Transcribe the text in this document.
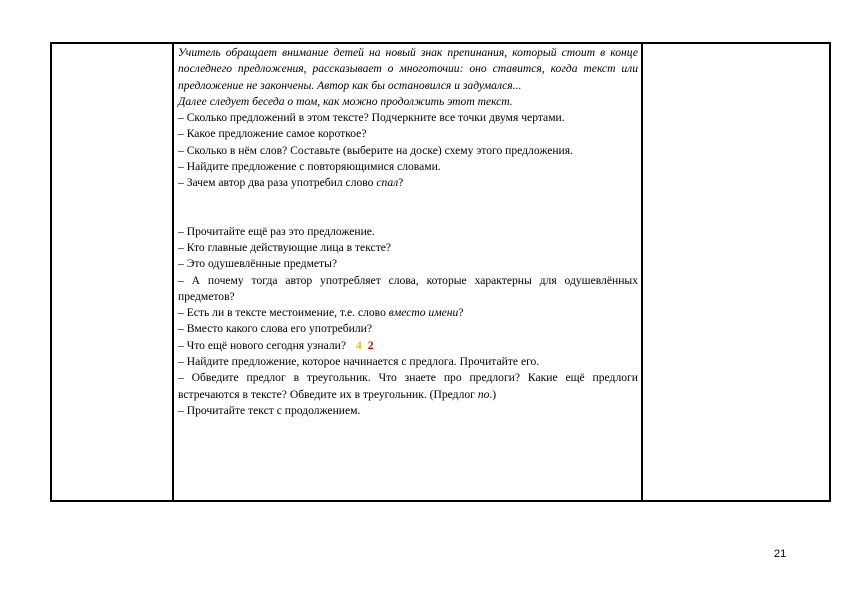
Учитель обращает внимание детей на новый знак препинания, который стоит в конце последнего предложения, рассказывает о многоточии: оно ставится, когда текст или предложение не закончены. Автор как бы остановился и задумался...

Далее следует беседа о том, как можно продолжить этот текст.

– Сколько предложений в этом тексте? Подчеркните все точки двумя чертами.

– Какое предложение самое короткое?

– Сколько в нём слов? Составьте (выберите на доске) схему этого предложения.

– Найдите предложение с повторяющимися словами.

– Зачем автор два раза употребил слово спал?

– Прочитайте ещё раз это предложение.

– Кто главные действующие лица в тексте?

– Это одушевлённые предметы?

– А почему тогда автор употребляет слова, которые характерны для одушевлённых предметов?

– Есть ли в тексте местоимение, т.е. слово вместо имени?

– Вместо какого слова его употребили?

– Что ещё нового сегодня узнали? 4 2

– Найдите предложение, которое начинается с предлога. Прочитайте его.

– Обведите предлог в треугольник. Что знаете про предлоги? Какие ещё предлоги встречаются в тексте? Обведите их в треугольник. (Предлог по.)

– Прочитайте текст с продолжением.

21
